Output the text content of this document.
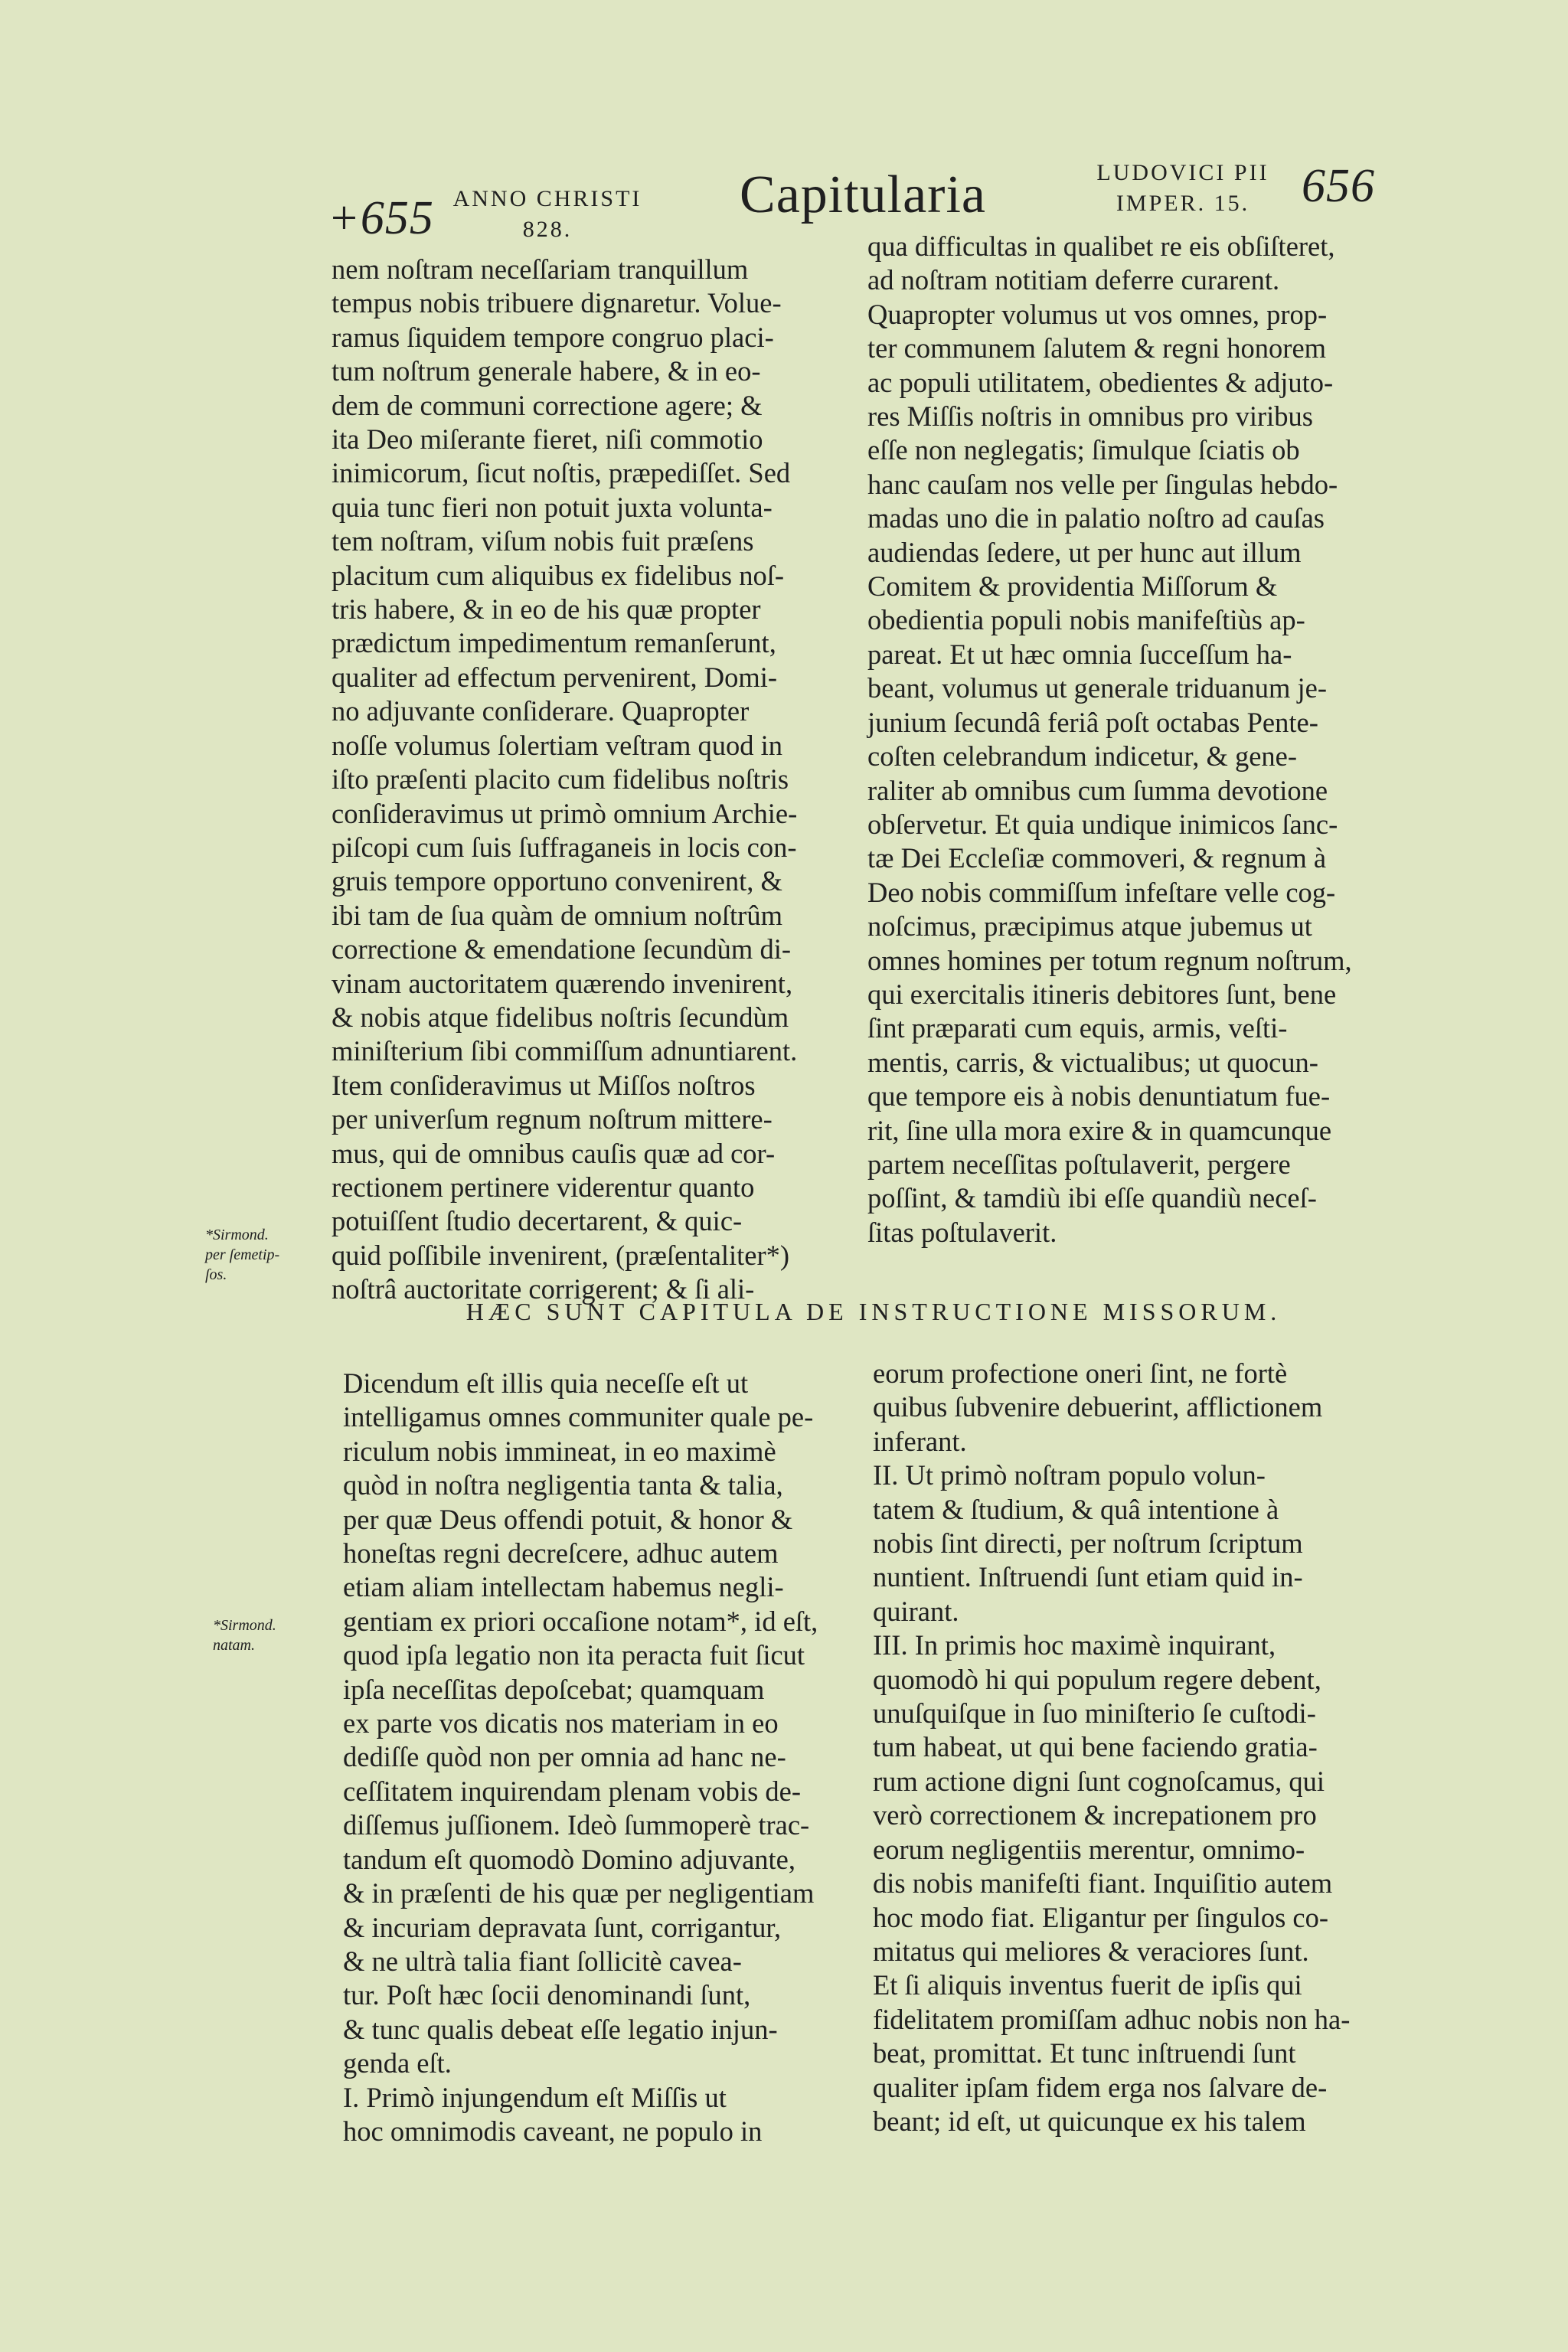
+655 ANNO CHRISTI
828.
Capitularia	LUDOVICI PII
IMPER. 15.	656
nem noſtram neceſſariam tranquillum
tempus nobis tribuere dignaretur. Volue-
ramus ſiquidem tempore congruo placi-
tum noſtrum generale habere, & in eo-
dem de communi correctione agere; &
ita Deo miſerante fieret, niſi commotio
inimicorum, ſicut noſtis, præpediſſet. Sed
quia tunc fieri non potuit juxta volunta-
tem noſtram, viſum nobis fuit præſens
placitum cum aliquibus ex fidelibus noſ-
tris habere, & in eo de his quæ propter
prædictum impedimentum remanſerunt,
qualiter ad effectum pervenirent, Domi-
no adjuvante conſiderare. Quapropter
noſſe volumus ſolertiam veſtram quod in
iſto præſenti placito cum fidelibus noſtris
conſideravimus ut primò omnium Archie-
piſcopi cum ſuis ſuffraganeis in locis con-
gruis tempore opportuno convenirent, &
ibi tam de ſua quàm de omnium noſtrûm
correctione & emendatione ſecundùm di-
vinam auctoritatem quærendo invenirent,
& nobis atque fidelibus noſtris ſecundùm
miniſterium ſibi commiſſum adnuntiarent.
Item conſideravimus ut Miſſos noſtros
per univerſum regnum noſtrum mittere-
mus, qui de omnibus cauſis quæ ad cor-
rectionem pertinere viderentur quanto
potuiſſent ſtudio decertarent, & quic-
quid poſſibile invenirent, (præſentaliter*)
noſtrâ auctoritate corrigerent; & ſi ali-
qua difficultas in qualibet re eis obſiſteret,
ad noſtram notitiam deferre curarent.
Quapropter volumus ut vos omnes, prop-
ter communem ſalutem & regni honorem
ac populi utilitatem, obedientes & adjuto-
res Miſſis noſtris in omnibus pro viribus
eſſe non neglegatis; ſimulque ſciatis ob
hanc cauſam nos velle per ſingulas hebdo-
madas uno die in palatio noſtro ad cauſas
audiendas ſedere, ut per hunc aut illum
Comitem & providentia Miſſorum &
obedientia populi nobis manifeſtiùs ap-
pareat. Et ut hæc omnia ſucceſſum ha-
beant, volumus ut generale triduanum je-
junium ſecundâ feriâ poſt octabas Pente-
coſten celebrandum indicetur, & gene-
raliter ab omnibus cum ſumma devotione
obſervetur. Et quia undique inimicos ſanc-
tæ Dei Eccleſiæ commoveri, & regnum à
Deo nobis commiſſum infeſtare velle cog-
noſcimus, præcipimus atque jubemus ut
omnes homines per totum regnum noſtrum,
qui exercitalis itineris debitores ſunt, bene
ſint præparati cum equis, armis, veſti-
mentis, carris, & victualibus; ut quocun-
que tempore eis à nobis denuntiatum fue-
rit, ſine ulla mora exire & in quamcunque
partem neceſſitas poſtulaverit, pergere
poſſint, & tamdiù ibi eſſe quandiù neceſ-
ſitas poſtulaverit.
*Sirmond.
per ſemetip-
ſos.
*Sirmond.
natam.
HÆC SUNT CAPITULA DE INSTRUCTIONE MISSORUM.
Dicendum eſt illis quia neceſſe eſt ut
intelligamus omnes communiter quale pe-
riculum nobis immineat, in eo maximè
quòd in noſtra negligentia tanta & talia,
per quæ Deus offendi potuit, & honor &
honeſtas regni decreſcere, adhuc autem
etiam aliam intellectam habemus negli-
gentiam ex priori occaſione notam*, id eſt,
quod ipſa legatio non ita peracta fuit ſicut
ipſa neceſſitas depoſcebat; quamquam
ex parte vos dicatis nos materiam in eo
dediſſe quòd non per omnia ad hanc ne-
ceſſitatem inquirendam plenam vobis de-
diſſemus juſſionem. Ideò ſummoperè trac-
tandum eſt quomodò Domino adjuvante,
& in præſenti de his quæ per negligentiam
& incuriam depravata ſunt, corrigantur,
& ne ultrà talia fiant ſollicitè cavea-
tur. Poſt hæc ſocii denominandi ſunt,
& tunc qualis debeat eſſe legatio injun-
genda eſt.
I. Primò injungendum eſt Miſſis ut
hoc omnimodis caveant, ne populo in
eorum profectione oneri ſint, ne fortè
quibus ſubvenire debuerint, afflictionem
inferant.
II. Ut primò noſtram populo volun-
tatem & ſtudium, & quâ intentione à
nobis ſint directi, per noſtrum ſcriptum
nuntient. Inſtruendi ſunt etiam quid in-
quirant.
III. In primis hoc maximè inquirant,
quomodò hi qui populum regere debent,
unuſquiſque in ſuo miniſterio ſe cuſtodi-
tum habeat, ut qui bene faciendo gratia-
rum actione digni ſunt cognoſcamus, qui
verò correctionem & increpationem pro
eorum negligentiis merentur, omnimo-
dis nobis manifeſti fiant. Inquiſitio autem
hoc modo fiat. Eligantur per ſingulos co-
mitatus qui meliores & veraciores ſunt.
Et ſi aliquis inventus fuerit de ipſis qui
fidelitatem promiſſam adhuc nobis non ha-
beat, promittat. Et tunc inſtruendi ſunt
qualiter ipſam fidem erga nos ſalvare de-
beant; id eſt, ut quicunque ex his talem
